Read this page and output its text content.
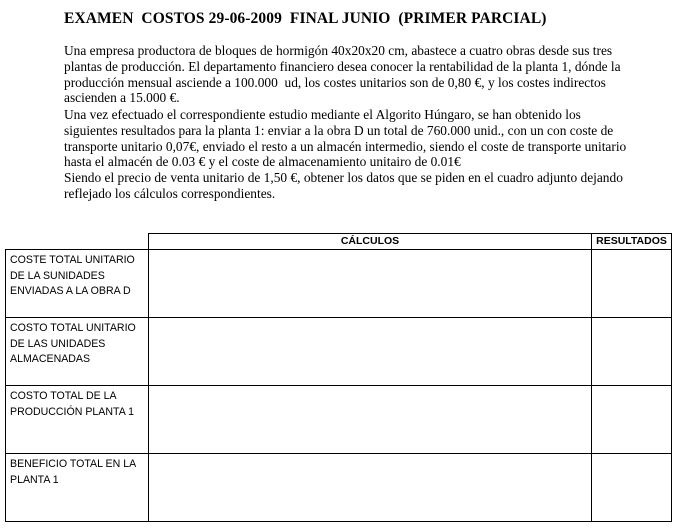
EXAMEN  COSTOS 29-06-2009  FINAL JUNIO  (PRIMER PARCIAL)
Una empresa productora de bloques de hormigón 40x20x20 cm, abastece a cuatro obras desde sus tres
plantas de producción. El departamento financiero desea conocer la rentabilidad de la planta 1, dónde la
producción mensual asciende a 100.000  ud, los costes unitarios son de 0,80 €, y los costes indirectos
ascienden a 15.000 €.
Una vez efectuado el correspondiente estudio mediante el Algorito Húngaro, se han obtenido los
siguientes resultados para la planta 1: enviar a la obra D un total de 760.000 unid., con un con coste de
transporte unitario 0,07€, enviado el resto a un almacén intermedio, siendo el coste de transporte unitario
hasta el almacén de 0.03 € y el coste de almacenamiento unitairo de 0.01€
Siendo el precio de venta unitario de 1,50 €, obtener los datos que se piden en el cuadro adjunto dejando
reflejado los cálculos correspondientes.
	CÁLCULOS	RESULTADOS

COSTE TOTAL UNITARIO
DE LA SUNIDADES
ENVIADAS A LA OBRA D		

COSTO TOTAL UNITARIO
DE LAS UNIDADES
ALMACENADAS		

COSTO TOTAL DE LA
PRODUCCIÓN PLANTA 1		

BENEFICIO TOTAL EN LA
PLANTA 1		
